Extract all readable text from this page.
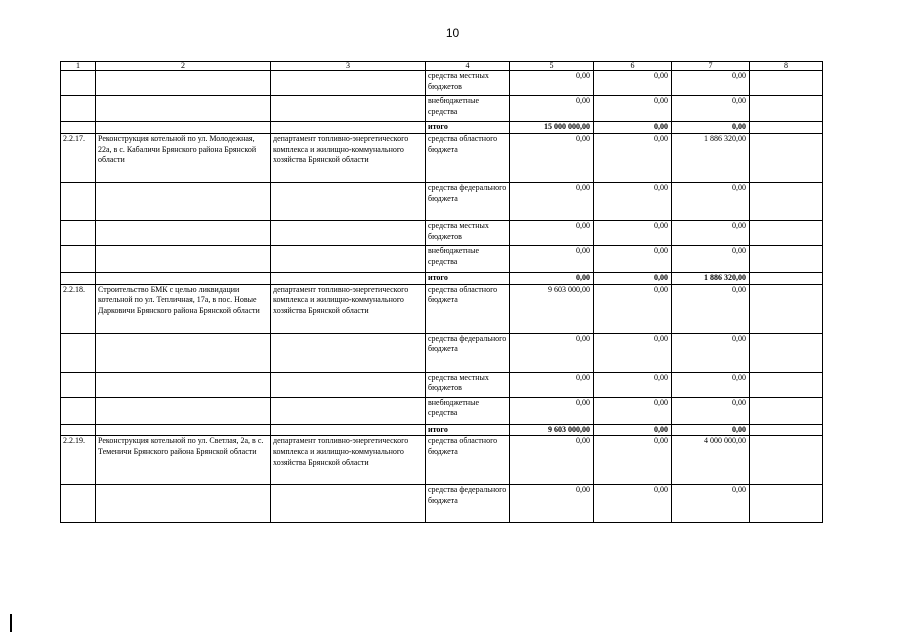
10
1	2	3	4	5	6	7	8
			средства местных бюджетов	0,00	0,00	0,00	
			внебюджетные средства	0,00	0,00	0,00	
			итого	15 000 000,00	0,00	0,00	
2.2.17.	Реконструкция котельной по ул. Молодежная, 22а, в с. Кабаличи Брянского района Брянской области	департамент топливно-энергетического комплекса и жилищно-коммунального хозяйства Брянской области	средства областного бюджета	0,00	0,00	1 886 320,00	
			средства федерального бюджета	0,00	0,00	0,00	
			средства местных бюджетов	0,00	0,00	0,00	
			внебюджетные средства	0,00	0,00	0,00	
			итого	0,00	0,00	1 886 320,00	
2.2.18.	Строительство БМК с целью ликвидации котельной по ул. Тепличная, 17а, в пос. Новые Дарковичи Брянского района Брянской области	департамент топливно-энергетического комплекса и жилищно-коммунального хозяйства Брянской области	средства областного бюджета	9 603 000,00	0,00	0,00	
			средства федерального бюджета	0,00	0,00	0,00	
			средства местных бюджетов	0,00	0,00	0,00	
			внебюджетные средства	0,00	0,00	0,00	
			итого	9 603 000,00	0,00	0,00	
2.2.19.	Реконструкция котельной по ул. Светлая, 2а, в с. Теменичи Брянского района Брянской области	департамент топливно-энергетического комплекса и жилищно-коммунального хозяйства Брянской области	средства областного бюджета	0,00	0,00	4 000 000,00	
			средства федерального бюджета	0,00	0,00	0,00	
